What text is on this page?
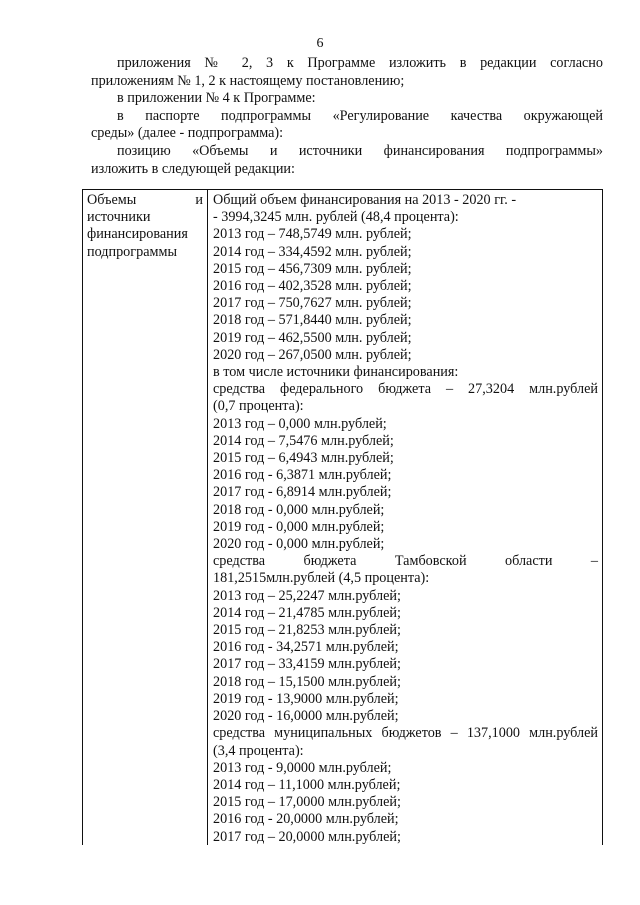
6

приложения № 2, 3 к Программе изложить в редакции согласно

приложениям № 1, 2 к настоящему постановлению;

в приложении № 4 к Программе:

в паспорте подпрограммы «Регулирование качества окружающей

среды» (далее - подпрограмма):

позицию «Объемы и источники финансирования подпрограммы»

изложить в следующей редакции:

Объемы	и
источники
финансирования
подпрограммы
Общий объем финансирования на 2013 - 2020 гг. -
- 3994,3245 млн. рублей (48,4 процента):
2013 год – 748,5749 млн. рублей;
2014 год – 334,4592 млн. рублей;
2015 год – 456,7309 млн. рублей;
2016 год – 402,3528 млн. рублей;
2017 год – 750,7627 млн. рублей;
2018 год – 571,8440 млн. рублей;
2019 год – 462,5500 млн. рублей;
2020 год – 267,0500 млн. рублей;
в том числе источники финансирования:
средства федерального бюджета – 27,3204 млн.рублей
(0,7 процента):
2013 год – 0,000 млн.рублей;
2014 год – 7,5476 млн.рублей;
2015 год – 6,4943 млн.рублей;
2016 год - 6,3871 млн.рублей;
2017 год - 6,8914 млн.рублей;
2018 год - 0,000 млн.рублей;
2019 год - 0,000 млн.рублей;
2020 год - 0,000 млн.рублей;
средства бюджета Тамбовской области –
181,2515млн.рублей (4,5 процента):
2013 год – 25,2247 млн.рублей;
2014 год – 21,4785 млн.рублей;
2015 год – 21,8253 млн.рублей;
2016 год - 34,2571 млн.рублей;
2017 год – 33,4159 млн.рублей;
2018 год – 15,1500 млн.рублей;
2019 год - 13,9000 млн.рублей;
2020 год - 16,0000 млн.рублей;
средства муниципальных бюджетов – 137,1000 млн.рублей
(3,4 процента):
2013 год - 9,0000 млн.рублей;
2014 год – 11,1000 млн.рублей;
2015 год – 17,0000 млн.рублей;
2016 год - 20,0000 млн.рублей;
2017 год – 20,0000 млн.рублей;
